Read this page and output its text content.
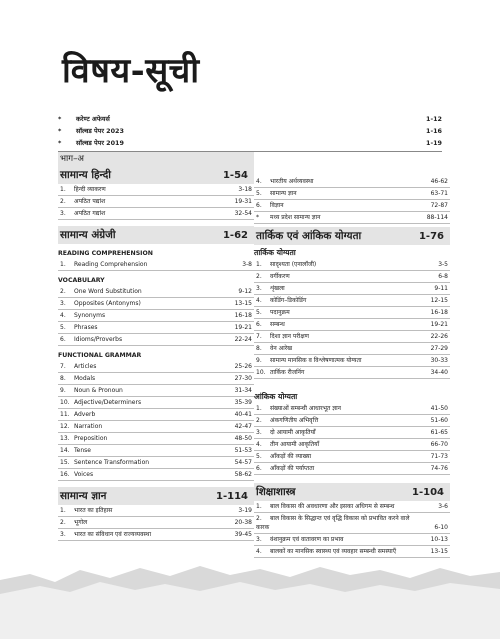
विषय-सूची
* करेण्ट अफेयर्स	1-12
* सॉल्वड पेपर 2023	1-16
* सॉल्वड पेपर 2019	1-19
भाग–अ
सामान्य हिन्दी	1-54
1. हिन्दी व्याकरण	3-18
2. अपठित पद्यांश	19-31
3. अपठित गद्यांश	32-54
सामान्य अंग्रेजी	1-62
READING COMPREHENSION
1. Reading Comprehension	3-8
VOCABULARY
2. One Word Substitution	9-12
3. Opposites (Antonyms)	13-15
4. Synonyms	16-18
5. Phrases	19-21
6. Idioms/Proverbs	22-24
FUNCTIONAL GRAMMAR
7. Articles	25-26
8. Modals	27-30
9. Noun & Pronoun	31-34
10. Adjective/Determiners	35-39
11. Adverb	40-41
12. Narration	42-47
13. Preposition	48-50
14. Tense	51-53
15. Sentence Transformation	54-57
16. Voices	58-62
सामान्य ज्ञान	1-114
1. भारत का इतिहास	3-19
2. भूगोल	20-38
3. भारत का संविधान एवं राज्यव्यवस्था	39-45
4. भारतीय अर्थव्यवस्था	46-62
5. सामान्य ज्ञान	63-71
6. विज्ञान	72-87
* मध्य प्रदेश सामान्य ज्ञान	88-114
तार्किक एवं आंकिक योग्यता	1-76
तार्किक योग्यता
1. सादृश्यता (एनालॉजी)	3-5
2. वर्गीकरण	6-8
3. शृंखला	9-11
4. कोडिंग–डिकोडिंग	12-15
5. पदानुक्रम	16-18
6. सम्बन्ध	19-21
7. दिशा ज्ञान परीक्षण	22-26
8. वेन आरेख	27-29
9. सामान्य मानसिक व विश्लेषणात्मक योग्यता	30-33
10. तार्किक रीजनिंग	34-40
आंकिक योग्यता
1. संख्याओं सम्बन्धी आधारभूत ज्ञान	41-50
2. अंकगणितीय अभिवृत्ति	51-60
3. दो आयामी आकृतियाँ	61-65
4. तीन आयामी आकृतियाँ	66-70
5. आँकड़ों की व्याख्या	71-73
6. आँकड़ों की पर्याप्तता	74-76
शिक्षाशास्त्र	1-104
1. बाल विकास की अवधारणा और इसका अधिगम से सम्बन्ध	3-6
2. बाल विकास के सिद्धान्त एवं वृद्धि विकास को प्रभावित करने वाले कारक	6-10
3. वंशानुक्रम एवं वातावरण का प्रभाव	10-13
4. बालकों का मानसिक स्वास्थ्य एवं व्यवहार सम्बन्धी समस्याएँ	13-15
